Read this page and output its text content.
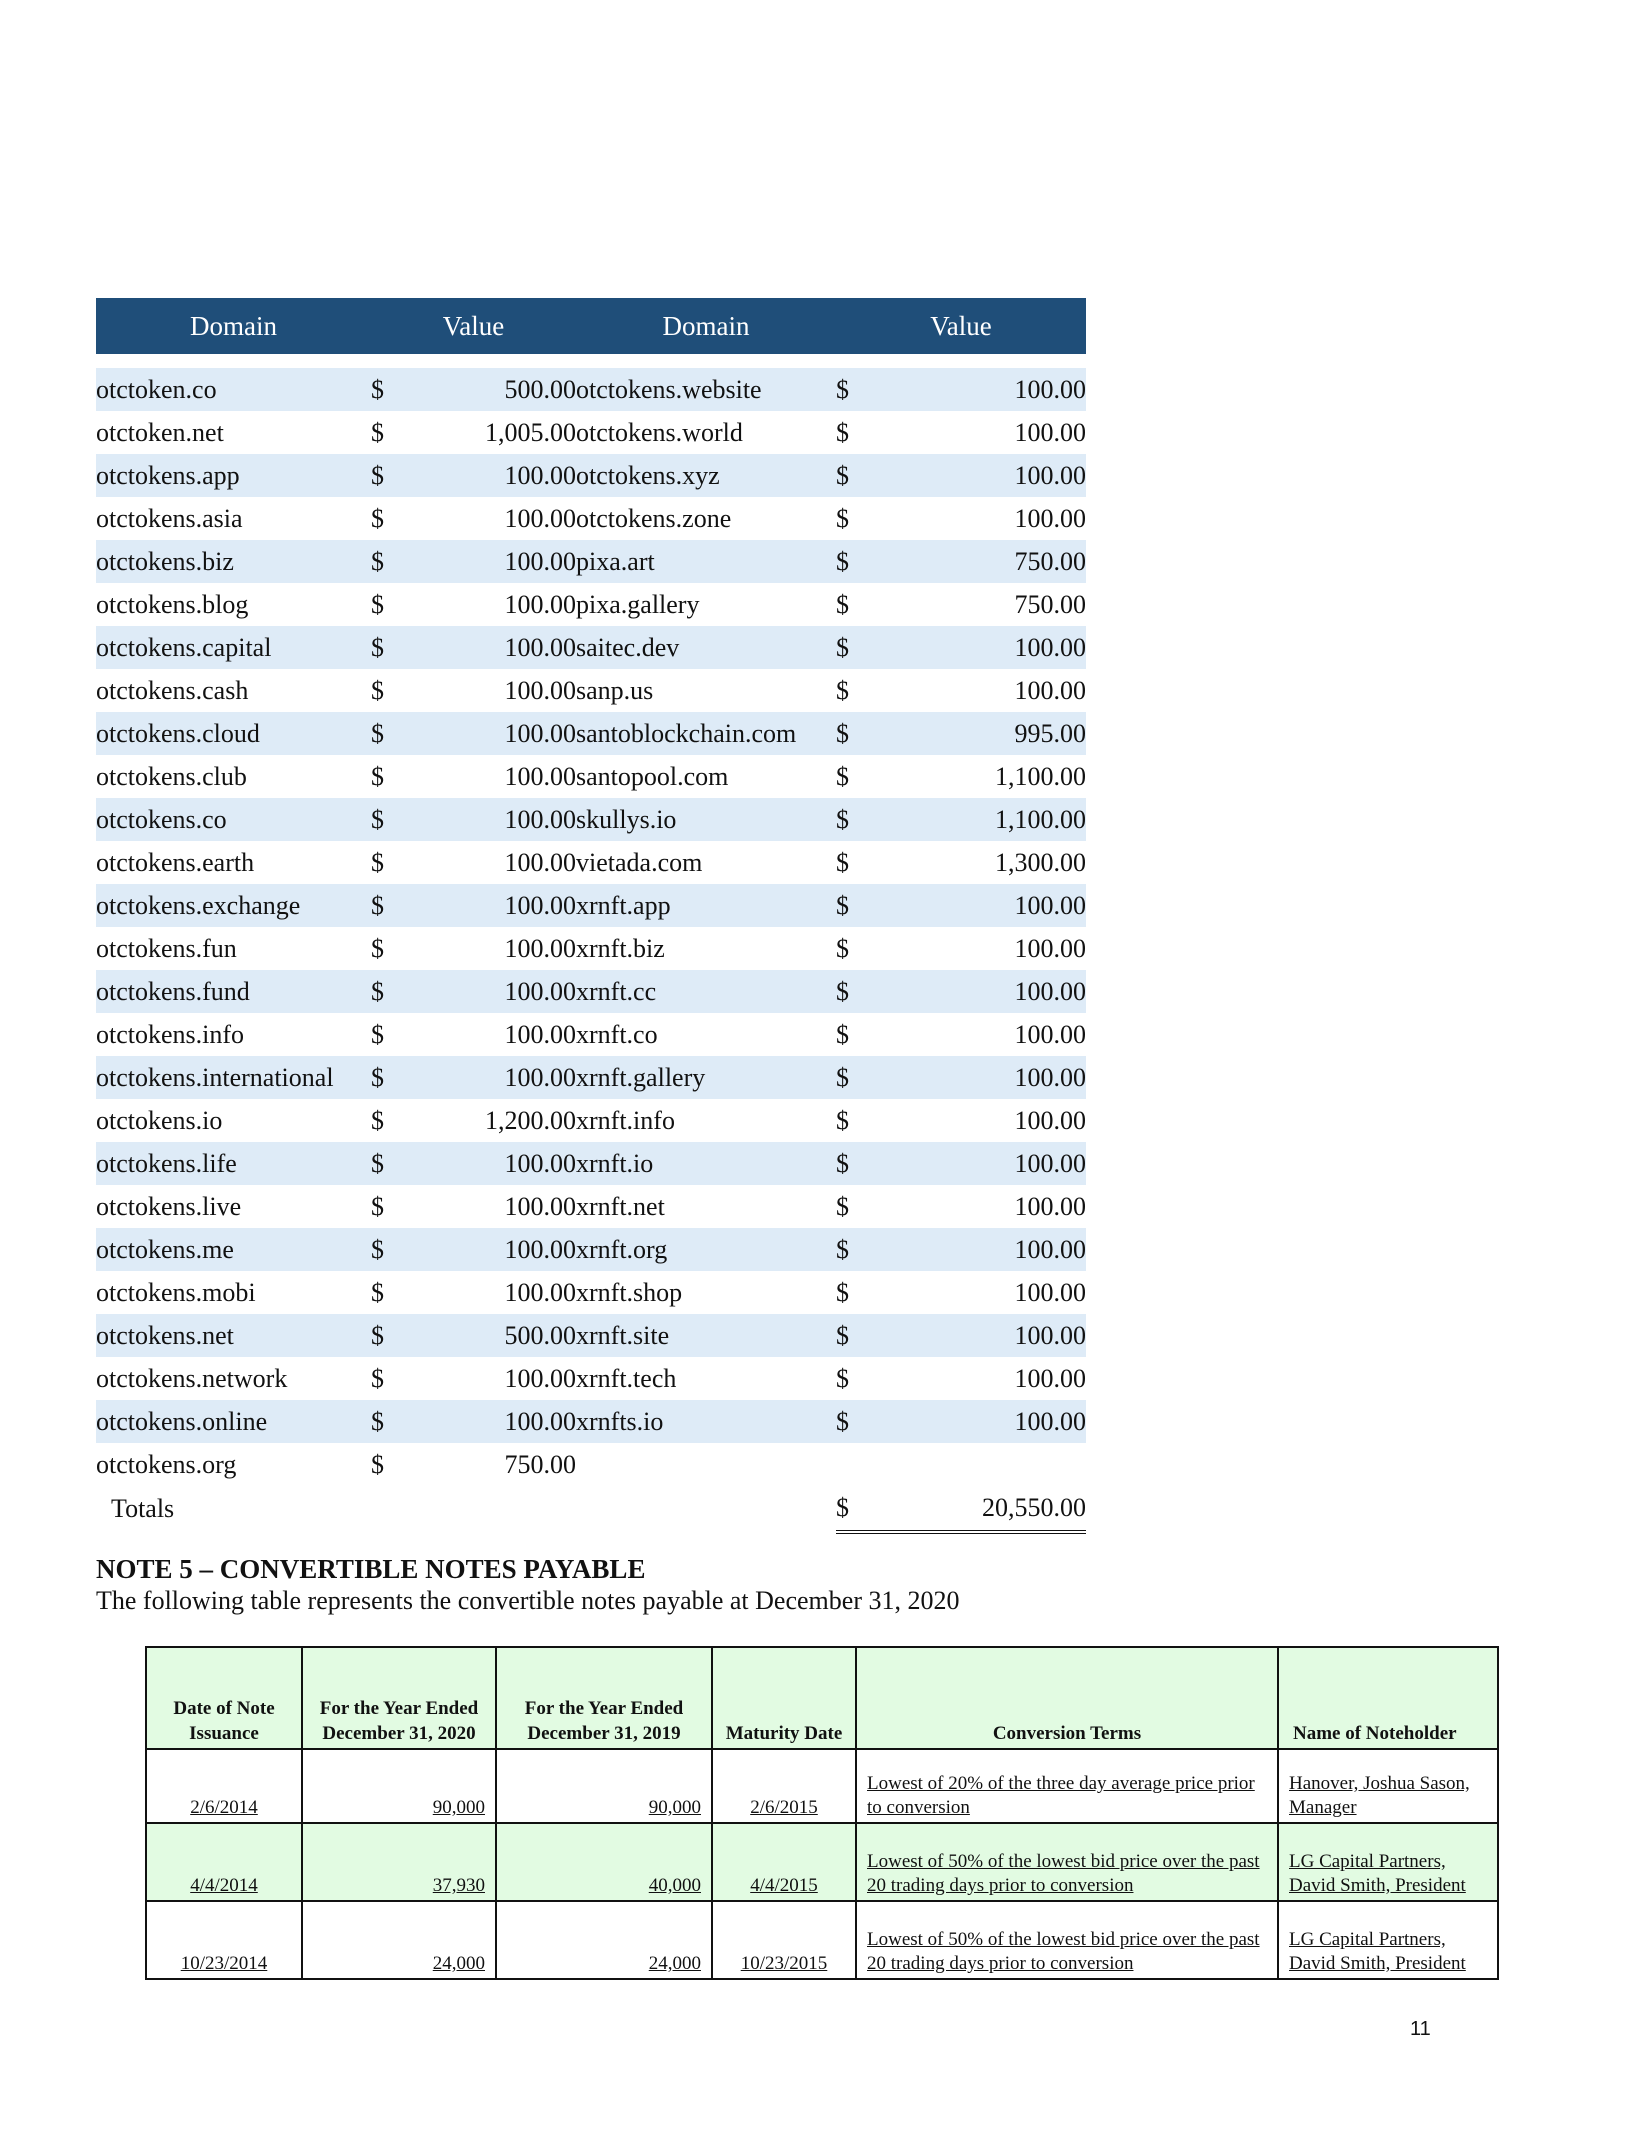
Domain	Value		Domain	Value	

otctoken.co	$	500.00	otctokens.website	$	100.00
otctoken.net	$	1,005.00	otctokens.world	$	100.00
otctokens.app	$	100.00	otctokens.xyz	$	100.00
otctokens.asia	$	100.00	otctokens.zone	$	100.00
otctokens.biz	$	100.00	pixa.art	$	750.00
otctokens.blog	$	100.00	pixa.gallery	$	750.00
otctokens.capital	$	100.00	saitec.dev	$	100.00
otctokens.cash	$	100.00	sanp.us	$	100.00
otctokens.cloud	$	100.00	santoblockchain.com	$	995.00
otctokens.club	$	100.00	santopool.com	$	1,100.00
otctokens.co	$	100.00	skullys.io	$	1,100.00
otctokens.earth	$	100.00	vietada.com	$	1,300.00
otctokens.exchange	$	100.00	xrnft.app	$	100.00
otctokens.fun	$	100.00	xrnft.biz	$	100.00
otctokens.fund	$	100.00	xrnft.cc	$	100.00
otctokens.info	$	100.00	xrnft.co	$	100.00
otctokens.international	$	100.00	xrnft.gallery	$	100.00
otctokens.io	$	1,200.00	xrnft.info	$	100.00
otctokens.life	$	100.00	xrnft.io	$	100.00
otctokens.live	$	100.00	xrnft.net	$	100.00
otctokens.me	$	100.00	xrnft.org	$	100.00
otctokens.mobi	$	100.00	xrnft.shop	$	100.00
otctokens.net	$	500.00	xrnft.site	$	100.00
otctokens.network	$	100.00	xrnft.tech	$	100.00
otctokens.online	$	100.00	xrnfts.io	$	100.00
otctokens.org	$	750.00			
Totals				$	20,550.00
NOTE 5 – CONVERTIBLE NOTES PAYABLE

The following table represents the convertible notes payable at December 31, 2020

Date of Note Issuance	For the Year Ended December 31, 2020	For the Year Ended December 31, 2019	Maturity Date	Conversion Terms	Name of Noteholder
2/6/2014	90,000	90,000	2/6/2015	Lowest of 20% of the three day average price prior to conversion	Hanover, Joshua Sason, Manager
4/4/2014	37,930	40,000	4/4/2015	Lowest of 50% of the lowest bid price over the past 20 trading days prior to conversion	LG Capital Partners, David Smith, President
10/23/2014	24,000	24,000	10/23/2015	Lowest of 50% of the lowest bid price over the past 20 trading days prior to conversion	LG Capital Partners, David Smith, President
11
